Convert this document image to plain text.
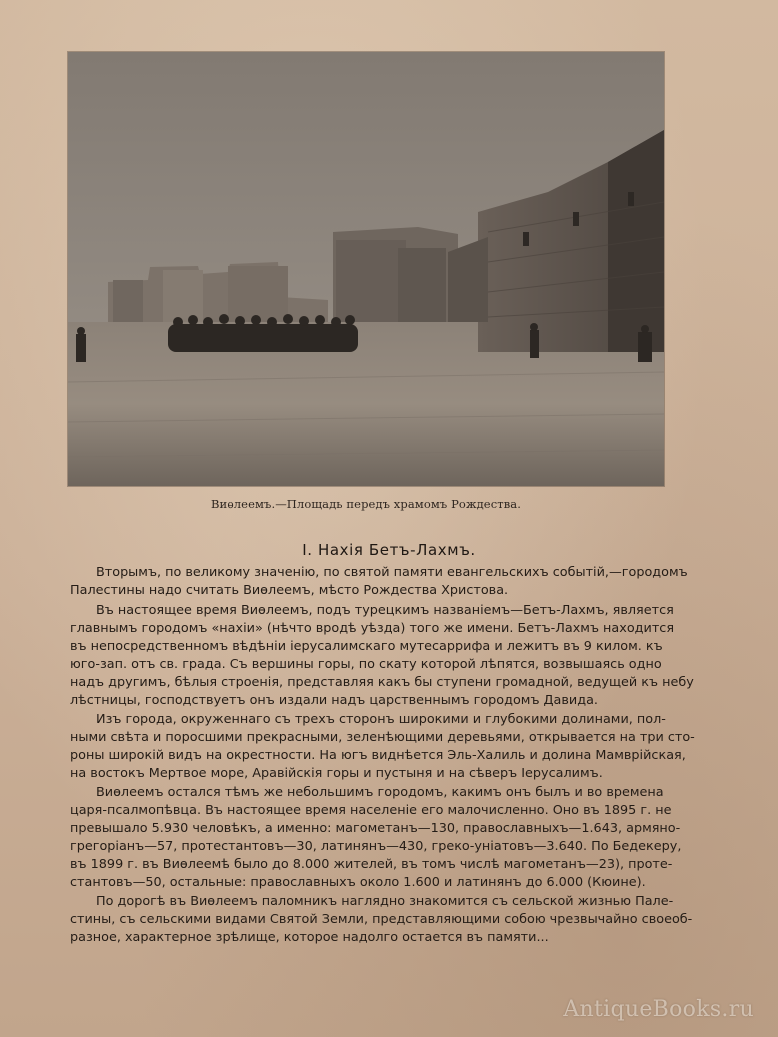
Виѳлеемъ.—Площадь передъ храмомъ Рождества.
I. Нахія Бетъ-Лахмъ.
Вторымъ, по великому значенію, по святой памяти евангельскихъ событій,—городомъ
Палестины надо считать Виѳлеемъ, мѣсто Рождества Христова.
Въ настоящее время Виѳлеемъ, подъ турецкимъ названіемъ—Бетъ-Лахмъ, является
главнымъ городомъ «нахіи» (нѣчто вродѣ уѣзда) того же имени. Бетъ-Лахмъ находится
въ непосредственномъ вѣдѣніи іерусалимскаго мутесаррифа и лежитъ въ 9 килом. къ
юго-зап. отъ св. града. Съ вершины горы, по скату которой лѣпятся, возвышаясь одно
надъ другимъ, бѣлыя строенія, представляя какъ бы ступени громадной, ведущей къ небу
лѣстницы, господствуетъ онъ издали надъ царственнымъ городомъ Давида.
Изъ города, окруженнаго съ трехъ сторонъ широкими и глубокими долинами, пол-
ными свѣта и поросшими прекрасными, зеленѣющими деревьями, открывается на три сто-
роны широкій видъ на окрестности. На югъ виднѣется Эль-Халиль и долина Мамврійская,
на востокъ Мертвое море, Аравійскія горы и пустыня и на сѣверъ Іерусалимъ.
Виѳлеемъ остался тѣмъ же небольшимъ городомъ, какимъ онъ былъ и во времена
царя-псалмопѣвца. Въ настоящее время населеніе его малочисленно. Оно въ 1895 г. не
превышало 5.930 человѣкъ, а именно: магометанъ—130, православныхъ—1.643, армяно-
грегоріанъ—57, протестантовъ—30, латинянъ—430, греко-уніатовъ—3.640. По Бедекеру,
въ 1899 г. въ Виѳлеемѣ было до 8.000 жителей, въ томъ числѣ магометанъ—23), протe-
стантовъ—50, остальные: православныхъ около 1.600 и латинянъ до 6.000 (Кюине).
По дорогѣ въ Виѳлеемъ паломникъ наглядно знакомится съ сельской жизнью Пале-
стины, съ сельскими видами Святой Земли, представляющими собою чрезвычайно своеоб-
разное, характерное зрѣлище, которое надолго остается въ памяти...
AntiqueBooks.ru
